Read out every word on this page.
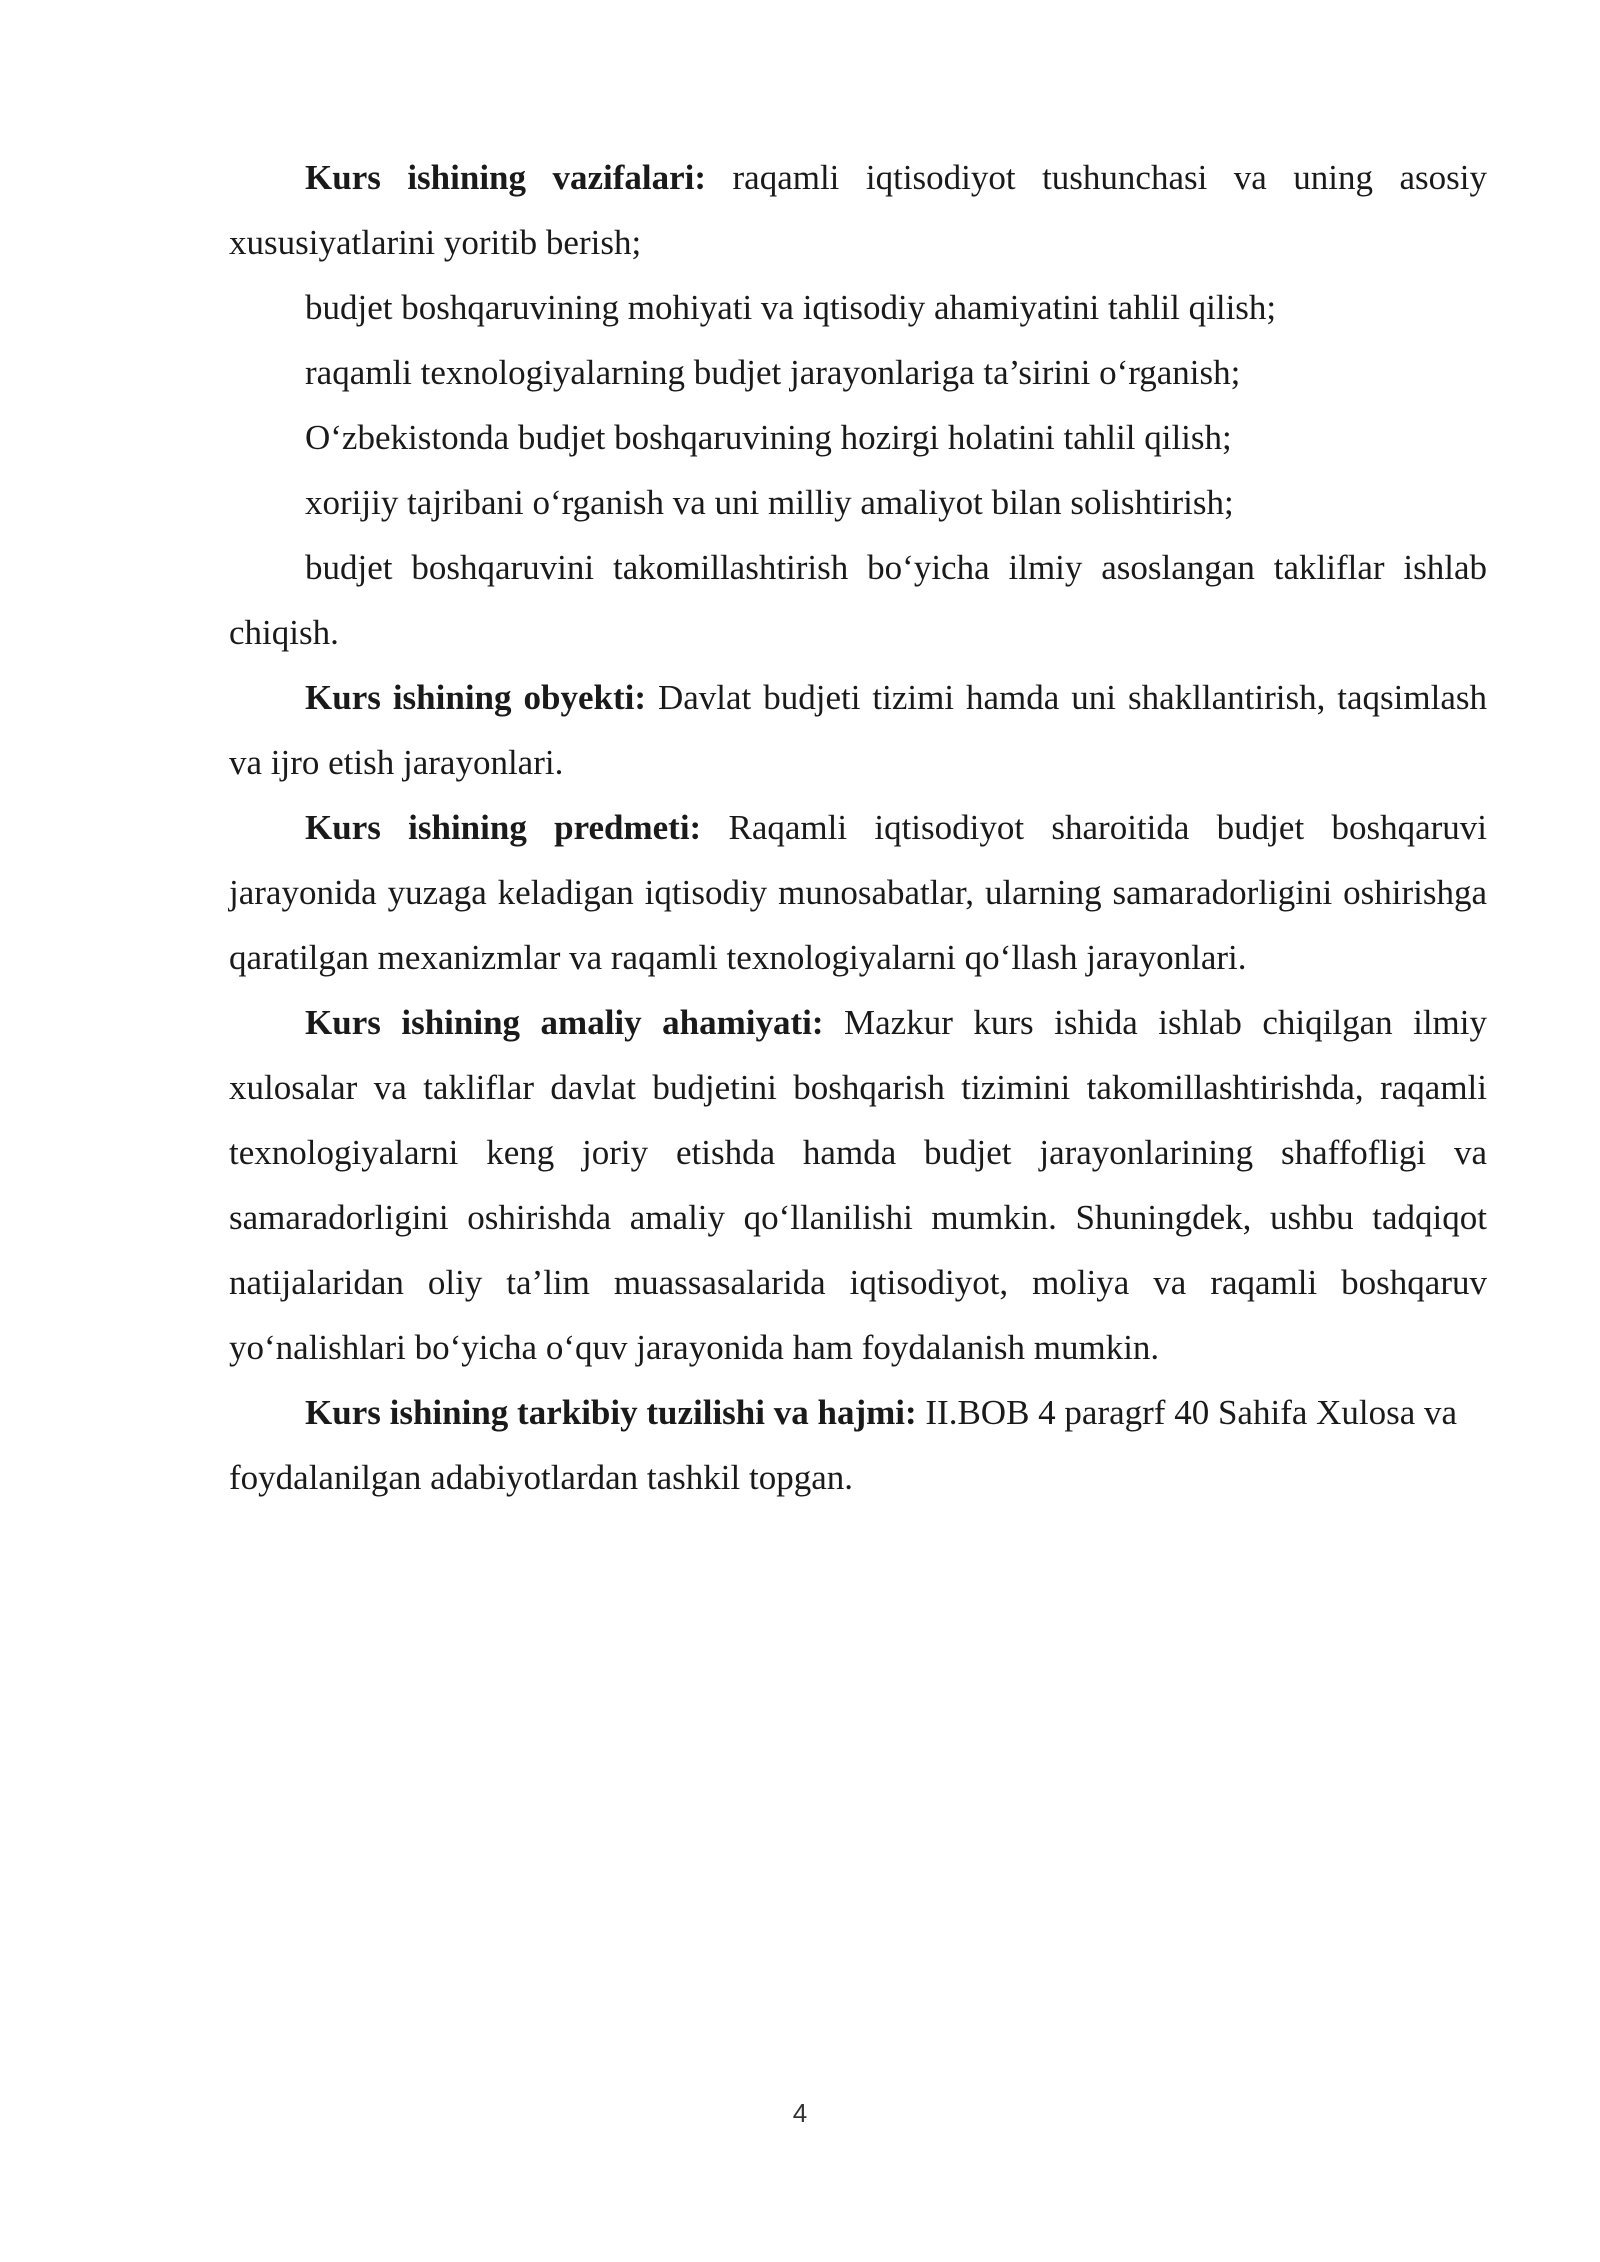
Kurs ishining vazifalari: raqamli iqtisodiyot tushunchasi va uning asosiy xususiyatlarini yoritib berish;

budjet boshqaruvining mohiyati va iqtisodiy ahamiyatini tahlil qilish;

raqamli texnologiyalarning budjet jarayonlariga ta’sirini o‘rganish;

O‘zbekistonda budjet boshqaruvining hozirgi holatini tahlil qilish;

xorijiy tajribani o‘rganish va uni milliy amaliyot bilan solishtirish;

budjet boshqaruvini takomillashtirish bo‘yicha ilmiy asoslangan takliflar ishlab chiqish.

Kurs ishining obyekti: Davlat budjeti tizimi hamda uni shakllantirish, taqsimlash va ijro etish jarayonlari.

Kurs ishining predmeti: Raqamli iqtisodiyot sharoitida budjet boshqaruvi jarayonida yuzaga keladigan iqtisodiy munosabatlar, ularning samaradorligini oshirishga qaratilgan mexanizmlar va raqamli texnologiyalarni qo‘llash jarayonlari.

Kurs ishining amaliy ahamiyati: Mazkur kurs ishida ishlab chiqilgan ilmiy xulosalar va takliflar davlat budjetini boshqarish tizimini takomillashtirishda, raqamli texnologiyalarni keng joriy etishda hamda budjet jarayonlarining shaffofligi va samaradorligini oshirishda amaliy qo‘llanilishi mumkin. Shuningdek, ushbu tadqiqot natijalaridan oliy ta’lim muassasalarida iqtisodiyot, moliya va raqamli boshqaruv yo‘nalishlari bo‘yicha o‘quv jarayonida ham foydalanish mumkin.

Kurs ishining tarkibiy tuzilishi va hajmi: II.BOB 4 paragrf 40 Sahifa Xulosa va foydalanilgan adabiyotlardan tashkil topgan.

4
